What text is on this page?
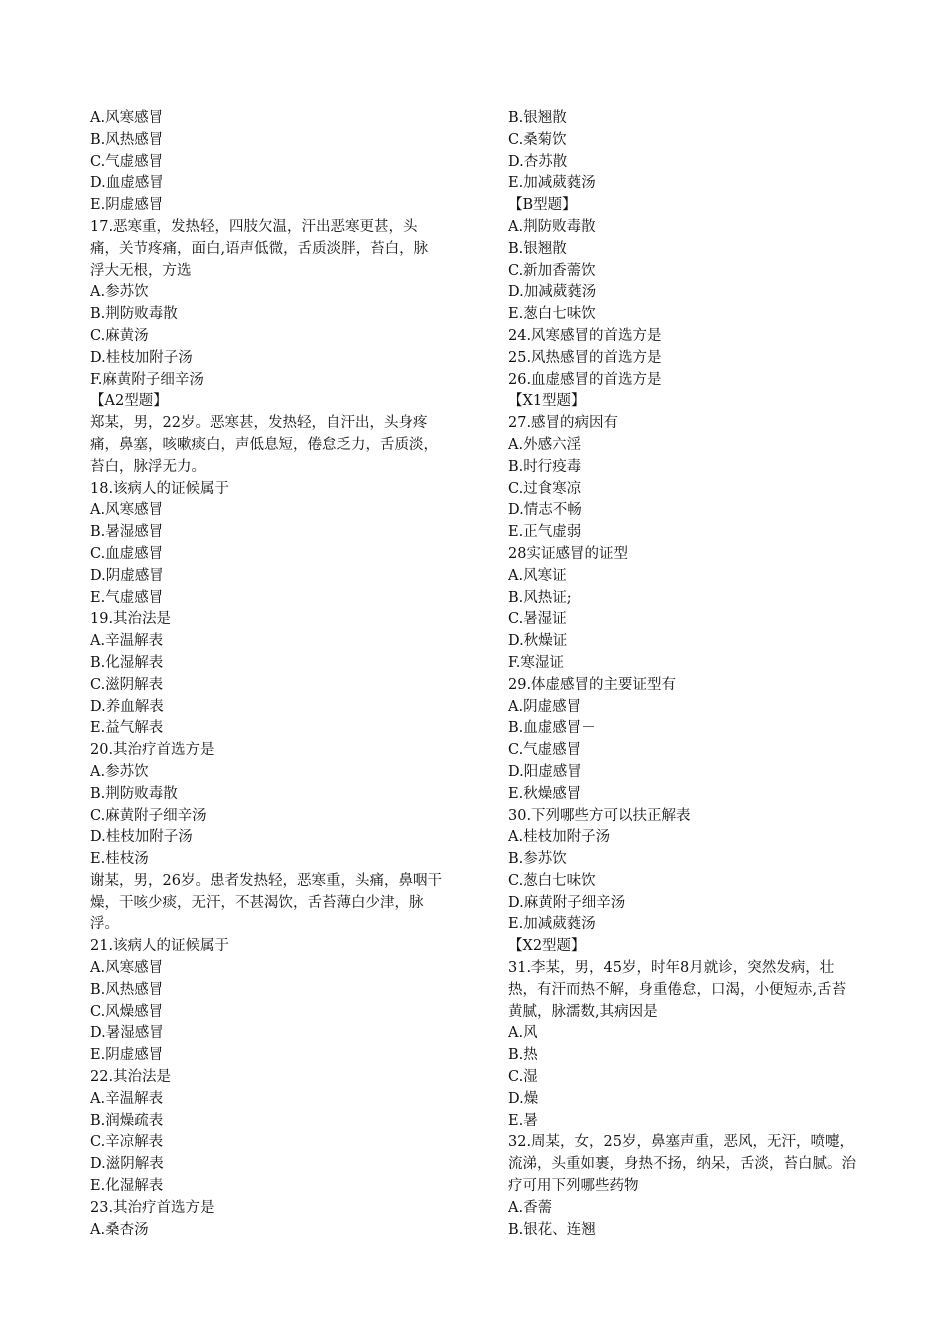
A.风寒感冒
B.风热感冒
C.气虚感冒
D.血虚感冒
E.阴虚感冒
17.恶寒重，发热轻，四肢欠温，汗出恶寒更甚，头痛，关节疼痛，面白,语声低微，舌质淡胖，苔白，脉浮大无根，方选
A.参苏饮
B.荆防败毒散
C.麻黄汤
D.桂枝加附子汤
F.麻黄附子细辛汤
【A2型题】
郑某，男，22岁。恶寒甚，发热轻，自汗出，头身疼痛，鼻塞，咳嗽痰白，声低息短，倦怠乏力，舌质淡，苔白，脉浮无力。
18.该病人的证候属于
A.风寒感冒
B.暑湿感冒
C.血虚感冒
D.阴虚感冒
E.气虚感冒
19.其治法是
A.辛温解表
B.化湿解表
C.滋阴解表
D.养血解表
E.益气解表
20.其治疗首选方是
A.参苏饮
B.荆防败毒散
C.麻黄附子细辛汤
D.桂枝加附子汤
E.桂枝汤
谢某，男，26岁。患者发热轻，恶寒重，头痛，鼻咽干燥，干咳少痰，无汗，不甚渴饮，舌苔薄白少津，脉浮。
21.该病人的证候属于
A.风寒感冒
B.风热感冒
C.风燥感冒
D.暑湿感冒
E.阴虚感冒
22.其治法是
A.辛温解表
B.润燥疏表
C.辛凉解表
D.滋阴解表
E.化湿解表
23.其治疗首选方是
A.桑杏汤
B.银翘散
C.桑菊饮
D.杏苏散
E.加减葳蕤汤
【B型题】
A.荆防败毒散
B.银翘散
C.新加香薷饮
D.加减葳蕤汤
E.葱白七味饮
24.风寒感冒的首选方是
25.风热感冒的首选方是
26.血虚感冒的首选方是
【X1型题】
27.感冒的病因有
A.外感六淫
B.时行疫毒
C.过食寒凉
D.情志不畅
E.正气虚弱
28实证感冒的证型
A.风寒证
B.风热证;
C.暑湿证
D.秋燥证
F.寒湿证
29.体虚感冒的主要证型有
A.阴虚感冒
B.血虚感冒－
C.气虚感冒
D.阳虚感冒
E.秋燥感冒
30.下列哪些方可以扶正解表
A.桂枝加附子汤
B.参苏饮
C.葱白七味饮
D.麻黄附子细辛汤
E.加减葳蕤汤
【X2型题】
31.李某，男，45岁，时年8月就诊，突然发病，壮热，有汗而热不解，身重倦怠，口渴，小便短赤,舌苔黄腻，脉濡数,其病因是
A.风
B.热
C.湿
D.燥
E.暑
32.周某，女，25岁，鼻塞声重，恶风，无汗，喷嚏，流涕，头重如裹，身热不扬，纳呆，舌淡，苔白腻。治疗可用下列哪些药物
A.香薷
B.银花、连翘
